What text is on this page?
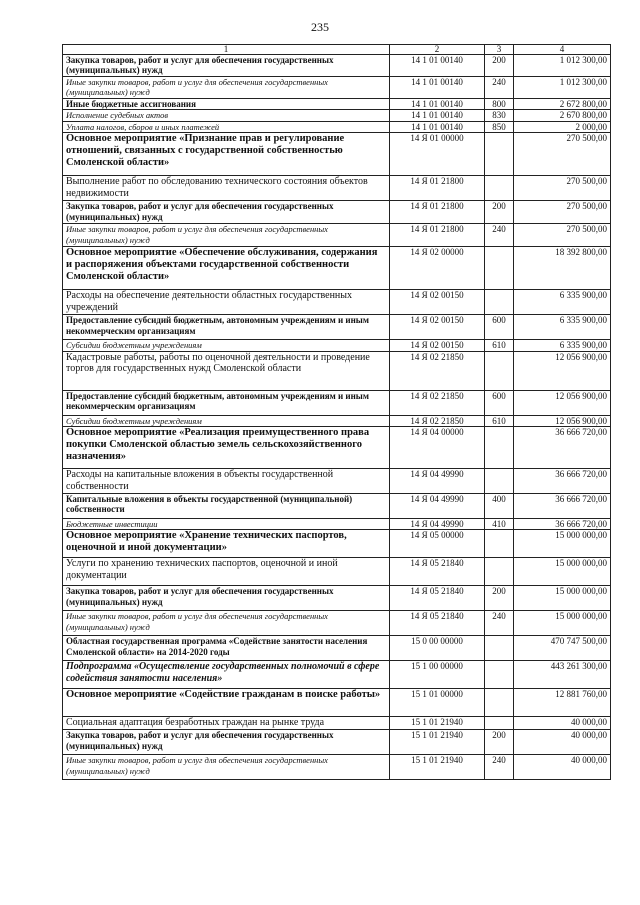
235
1	2	3	4
Закупка товаров, работ и услуг для обеспечения государственных (муниципальных) нужд	14 1 01 00140	200	1 012 300,00
Иные закупки товаров, работ и услуг для обеспечения государственных (муниципальных) нужд	14 1 01 00140	240	1 012 300,00
Иные бюджетные ассигнования	14 1 01 00140	800	2 672 800,00
Исполнение судебных актов	14 1 01 00140	830	2 670 800,00
Уплата налогов, сборов и иных платежей	14 1 01 00140	850	2 000,00
Основное мероприятие «Признание прав и регулирование отношений, связанных с государственной собственностью Смоленской области»	14 Я 01 00000		270 500,00
Выполнение работ по обследованию технического состояния объектов недвижимости	14 Я 01 21800		270 500,00
Закупка товаров, работ и услуг для обеспечения государственных (муниципальных) нужд	14 Я 01 21800	200	270 500,00
Иные закупки товаров, работ и услуг для обеспечения государственных (муниципальных) нужд	14 Я 01 21800	240	270 500,00
Основное мероприятие «Обеспечение обслуживания, содержания и распоряжения объектами государственной собственности Смоленской области»	14 Я 02 00000		18 392 800,00
Расходы на обеспечение деятельности областных государственных учреждений	14 Я 02 00150		6 335 900,00
Предоставление субсидий бюджетным, автономным учреждениям и иным некоммерческим организациям	14 Я 02 00150	600	6 335 900,00
Субсидии бюджетным учреждениям	14 Я 02 00150	610	6 335 900,00
Кадастровые работы, работы по оценочной деятельности и проведение торгов для государственных нужд Смоленской области	14 Я 02 21850		12 056 900,00
Предоставление субсидий бюджетным, автономным учреждениям и иным некоммерческим организациям	14 Я 02 21850	600	12 056 900,00
Субсидии бюджетным учреждениям	14 Я 02 21850	610	12 056 900,00
Основное мероприятие «Реализация преимущественного права покупки Смоленской областью земель сельскохозяйственного назначения»	14 Я 04 00000		36 666 720,00
Расходы на капитальные вложения в объекты государственной собственности	14 Я 04 49990		36 666 720,00
Капитальные вложения в объекты государственной (муниципальной) собственности	14 Я 04 49990	400	36 666 720,00
Бюджетные инвестиции	14 Я 04 49990	410	36 666 720,00
Основное мероприятие «Хранение технических паспортов, оценочной и иной документации»	14 Я 05 00000		15 000 000,00
Услуги по хранению технических паспортов, оценочной и иной документации	14 Я 05 21840		15 000 000,00
Закупка товаров, работ и услуг для обеспечения государственных (муниципальных) нужд	14 Я 05 21840	200	15 000 000,00
Иные закупки товаров, работ и услуг для обеспечения государственных (муниципальных) нужд	14 Я 05 21840	240	15 000 000,00
Областная государственная программа «Содействие занятости населения Смоленской области» на 2014-2020 годы	15 0 00 00000		470 747 500,00
Подпрограмма «Осуществление государственных полномочий в сфере содействия занятости населения»	15 1 00 00000		443 261 300,00
Основное мероприятие «Содействие гражданам в поиске работы»	15 1 01 00000		12 881 760,00
Социальная адаптация безработных граждан на рынке труда	15 1 01 21940		40 000,00
Закупка товаров, работ и услуг для обеспечения государственных (муниципальных) нужд	15 1 01 21940	200	40 000,00
Иные закупки товаров, работ и услуг для обеспечения государственных (муниципальных) нужд	15 1 01 21940	240	40 000,00
